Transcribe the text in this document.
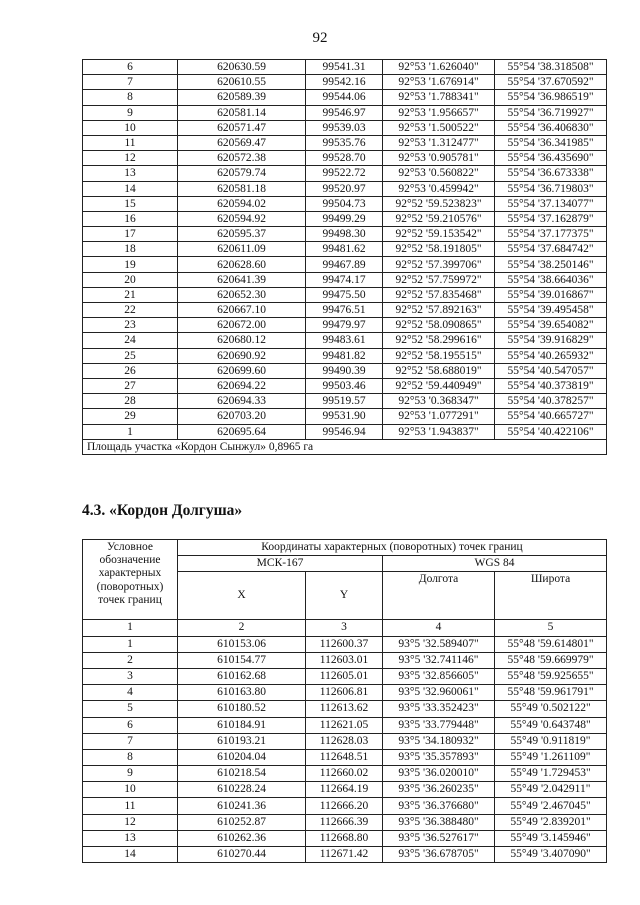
92
6	620630.59	99541.31	92°53 '1.626040"	55°54 '38.318508"
7	620610.55	99542.16	92°53 '1.676914"	55°54 '37.670592"
8	620589.39	99544.06	92°53 '1.788341"	55°54 '36.986519"
9	620581.14	99546.97	92°53 '1.956657"	55°54 '36.719927"
10	620571.47	99539.03	92°53 '1.500522"	55°54 '36.406830"
11	620569.47	99535.76	92°53 '1.312477"	55°54 '36.341985"
12	620572.38	99528.70	92°53 '0.905781"	55°54 '36.435690"
13	620579.74	99522.72	92°53 '0.560822"	55°54 '36.673338"
14	620581.18	99520.97	92°53 '0.459942"	55°54 '36.719803"
15	620594.02	99504.73	92°52 '59.523823"	55°54 '37.134077"
16	620594.92	99499.29	92°52 '59.210576"	55°54 '37.162879"
17	620595.37	99498.30	92°52 '59.153542"	55°54 '37.177375"
18	620611.09	99481.62	92°52 '58.191805"	55°54 '37.684742"
19	620628.60	99467.89	92°52 '57.399706"	55°54 '38.250146"
20	620641.39	99474.17	92°52 '57.759972"	55°54 '38.664036"
21	620652.30	99475.50	92°52 '57.835468"	55°54 '39.016867"
22	620667.10	99476.51	92°52 '57.892163"	55°54 '39.495458"
23	620672.00	99479.97	92°52 '58.090865"	55°54 '39.654082"
24	620680.12	99483.61	92°52 '58.299616"	55°54 '39.916829"
25	620690.92	99481.82	92°52 '58.195515"	55°54 '40.265932"
26	620699.60	99490.39	92°52 '58.688019"	55°54 '40.547057"
27	620694.22	99503.46	92°52 '59.440949"	55°54 '40.373819"
28	620694.33	99519.57	92°53 '0.368347"	55°54 '40.378257"
29	620703.20	99531.90	92°53 '1.077291"	55°54 '40.665727"
1	620695.64	99546.94	92°53 '1.943837"	55°54 '40.422106"
Площадь участка «Кордон Сынжул» 0,8965 га				
4.3. «Кордон Долгуша»
Условное обозначение характерных (поворотных) точек границ	Координаты характерных (поворотных) точек границ			
	МСК-167		WGS 84	
	X	Y	Долгота	Широта
1	2	3	4	5
1	610153.06	112600.37	93°5 '32.589407"	55°48 '59.614801"
2	610154.77	112603.01	93°5 '32.741146"	55°48 '59.669979"
3	610162.68	112605.01	93°5 '32.856605"	55°48 '59.925655"
4	610163.80	112606.81	93°5 '32.960061"	55°48 '59.961791"
5	610180.52	112613.62	93°5 '33.352423"	55°49 '0.502122"
6	610184.91	112621.05	93°5 '33.779448"	55°49 '0.643748"
7	610193.21	112628.03	93°5 '34.180932"	55°49 '0.911819"
8	610204.04	112648.51	93°5 '35.357893"	55°49 '1.261109"
9	610218.54	112660.02	93°5 '36.020010"	55°49 '1.729453"
10	610228.24	112664.19	93°5 '36.260235"	55°49 '2.042911"
11	610241.36	112666.20	93°5 '36.376680"	55°49 '2.467045"
12	610252.87	112666.39	93°5 '36.388480"	55°49 '2.839201"
13	610262.36	112668.80	93°5 '36.527617"	55°49 '3.145946"
14	610270.44	112671.42	93°5 '36.678705"	55°49 '3.407090"
